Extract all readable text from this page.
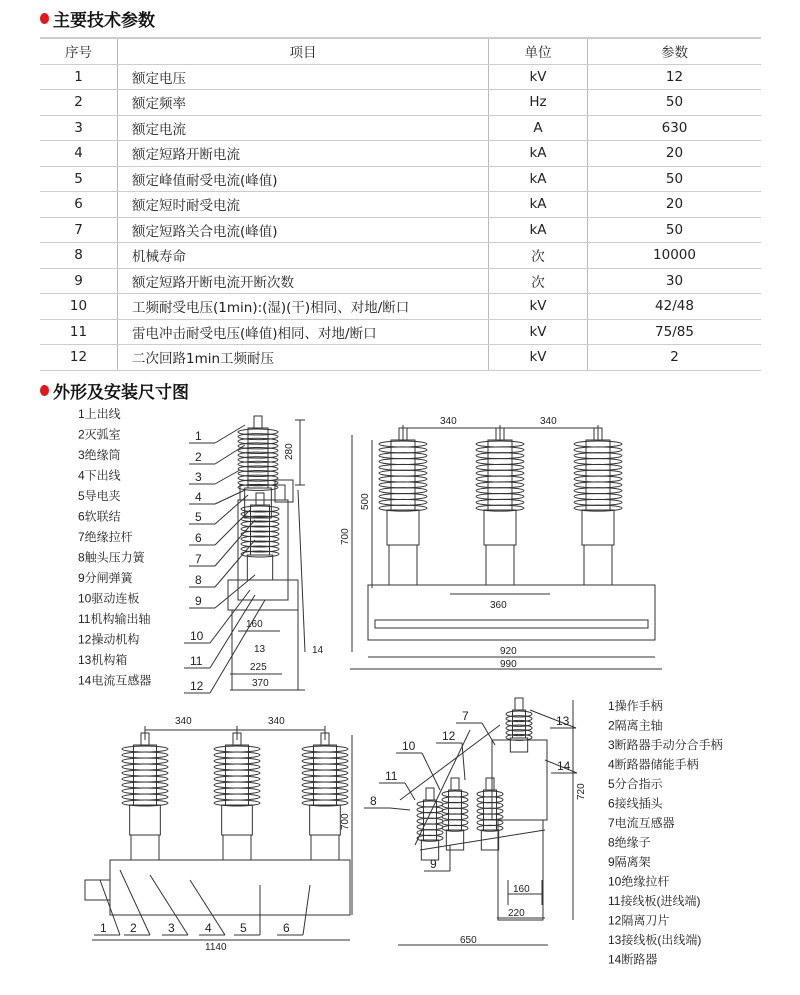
主要技术参数
序号	项目	单位	参数
1	额定电压	kV	12
2	额定频率	Hz	50
3	额定电流	A	630
4	额定短路开断电流	kA	20
5	额定峰值耐受电流(峰值)	kA	50
6	额定短时耐受电流	kA	20
7	额定短路关合电流(峰值)	kA	50
8	机械寿命	次	10000
9	额定短路开断电流开断次数	次	30
10	工频耐受电压(1min):(湿)(干)相同、对地/断口	kV	42/48
11	雷电冲击耐受电压(峰值)相同、对地/断口	kV	75/85
12	二次回路1min工频耐压	kV	2
外形及安装尺寸图
1上出线
2灭弧室
3绝缘筒
4下出线
5导电夹
6软联结
7绝缘拉杆
8触头压力簧
9分闸弹簧
10驱动连板
11机构输出轴
12操动机构
13机构箱
14电流互感器
1操作手柄
2隔离主轴
3断路器手动分合手柄
4断路器储能手柄
5分合指示
6接线插头
7电流互感器
8绝缘子
9隔离架
10绝缘拉杆
11接线板(进线端)
12隔离刀片
13接线板(出线端)
14断路器
280
160
13
225
370
14
1
2
3
4
5
6
7
8
9
10
11
12
340	340
500
700
360
920
990
340	340
700
1140
1 2	3	4 5	6
160
220
650
720
7
10
12
11
8
9
13
14
